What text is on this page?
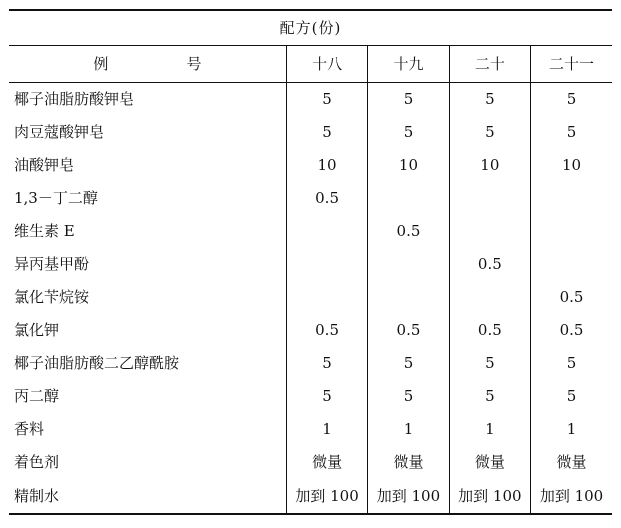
配方(份)				
例 号	十八	十九	二十	二十一
椰子油脂肪酸钾皂	5	5	5	5
肉豆蔻酸钾皂	5	5	5	5
油酸钾皂	10	10	10	10
1,3－丁二醇	0.5			
维生素 E		0.5		
异丙基甲酚			0.5	
氯化苄烷铵				0.5
氯化钾	0.5	0.5	0.5	0.5
椰子油脂肪酸二乙醇酰胺	5	5	5	5
丙二醇	5	5	5	5
香料	1	1	1	1
着色剂	微量	微量	微量	微量
精制水	加到 100	加到 100	加到 100	加到 100
